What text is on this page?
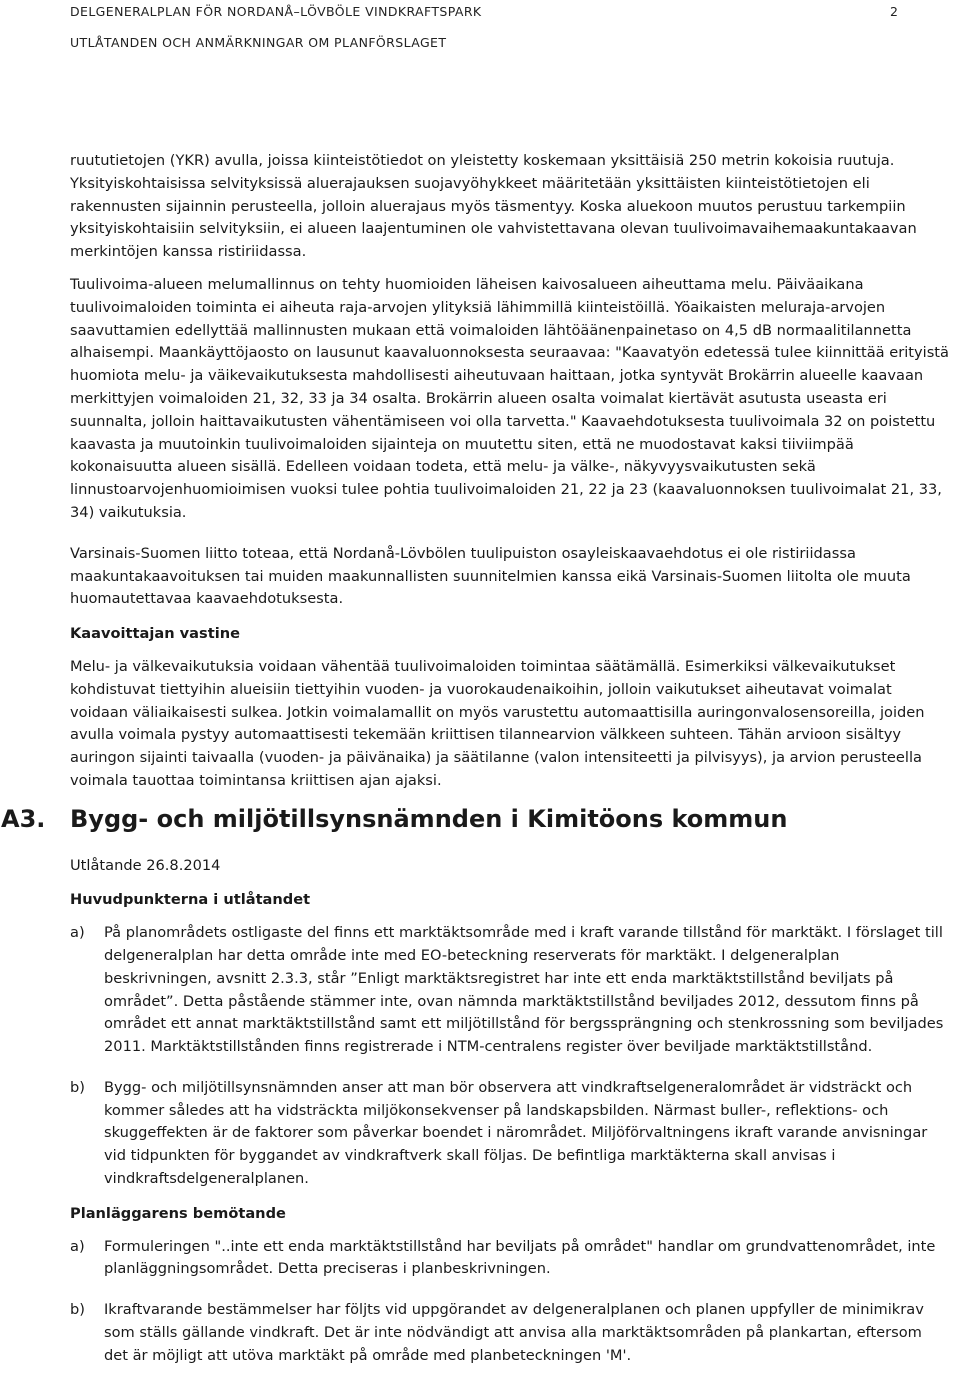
DELGENERALPLAN FÖR NORDANÅ–LÖVBÖLE VINDKRAFTSPARK
UTLÅTANDEN OCH ANMÄRKNINGAR OM PLANFÖRSLAGET
2

ruututietojen (YKR) avulla, joissa kiinteistötiedot on yleistetty koskemaan yksittäisiä 250 metrin kokoisia ruutuja. Yksityiskohtaisissa selvityksissä aluerajauksen suojavyöhykkeet määritetään yksittäisten kiinteistötietojen eli rakennusten sijainnin perusteella, jolloin aluerajaus myös täsmentyy. Koska aluekoon muutos perustuu tarkempiin yksityiskohtaisiin selvityksiin, ei alueen laajentuminen ole vahvistettavana olevan tuulivoimavaihemaakuntakaavan merkintöjen kanssa ristiriidassa.

Tuulivoima-alueen melumallinnus on tehty huomioiden läheisen kaivosalueen aiheuttama melu. Päiväaikana tuulivoimaloiden toiminta ei aiheuta raja-arvojen ylityksiä lähimmillä kiinteistöillä. Yöaikaisten meluraja-arvojen saavuttamien edellyttää mallinnusten mukaan että voimaloiden lähtöäänenpainetaso on 4,5 dB normaalitilannetta alhaisempi. Maankäyttöjaosto on lausunut kaavaluonnoksesta seuraavaa: "Kaavatyön edetessä tulee kiinnittää erityistä huomiota melu- ja väikevaikutuksesta mahdollisesti aiheutuvaan haittaan, jotka syntyvät Brokärrin alueelle kaavaan merkittyjen voimaloiden 21, 32, 33 ja 34 osalta. Brokärrin alueen osalta voimalat kiertävät asutusta useasta eri suunnalta, jolloin haittavaikutusten vähentämiseen voi olla tarvetta." Kaavaehdotuksesta tuulivoimala 32 on poistettu kaavasta ja muutoinkin tuulivoimaloiden sijainteja on muutettu siten, että ne muodostavat kaksi tiiviimpää kokonaisuutta alueen sisällä. Edelleen voidaan todeta, että melu- ja välke-, näkyvyysvaikutusten sekä linnustoarvojenhuomioimisen vuoksi tulee pohtia tuulivoimaloiden 21, 22 ja 23 (kaavaluonnoksen tuulivoimalat 21, 33, 34) vaikutuksia.

Varsinais-Suomen liitto toteaa, että Nordanå-Lövbölen tuulipuiston osayleiskaavaehdotus ei ole ristiriidassa maakuntakaavoituksen tai muiden maakunnallisten suunnitelmien kanssa eikä Varsinais-Suomen liitolta ole muuta huomautettavaa kaavaehdotuksesta.

Kaavoittajan vastine

Melu- ja välkevaikutuksia voidaan vähentää tuulivoimaloiden toimintaa säätämällä. Esimerkiksi välkevaikutukset kohdistuvat tiettyihin alueisiin tiettyihin vuoden- ja vuorokaudenaikoihin, jolloin vaikutukset aiheutavat voimalat voidaan väliaikaisesti sulkea. Jotkin voimalamallit on myös varustettu automaattisilla auringonvalosensoreilla, joiden avulla voimala pystyy automaattisesti tekemään kriittisen tilannearvion välkkeen suhteen. Tähän arvioon sisältyy auringon sijainti taivaalla (vuoden- ja päivänaika) ja säätilanne (valon intensiteetti ja pilvisyys), ja arvion perusteella voimala tauottaa toimintansa kriittisen ajan ajaksi.

A3. Bygg- och miljötillsynsnämnden i Kimitöons kommun

Utlåtande 26.8.2014

Huvudpunkterna i utlåtandet

a) På planområdets ostligaste del finns ett marktäktsområde med i kraft varande tillstånd för marktäkt. I förslaget till delgeneralplan har detta område inte med EO-beteckning reserverats för marktäkt. I delgeneralplan beskrivningen, avsnitt 2.3.3, står ”Enligt marktäktsregistret har inte ett enda marktäktstillstånd beviljats på området”. Detta påstående stämmer inte, ovan nämnda marktäktstillstånd beviljades 2012, dessutom finns på området ett annat marktäktstillstånd samt ett miljötillstånd för bergssprängning och stenkrossning som beviljades 2011. Marktäktstillstånden finns registrerade i NTM-centralens register över beviljade marktäktstillstånd.

b) Bygg- och miljötillsynsnämnden anser att man bör observera att vindkraftselgeneralområdet är vidsträckt och kommer således att ha vidsträckta miljökonsekvenser på landskapsbilden. Närmast buller-, reflektions- och skuggeffekten är de faktorer som påverkar boendet i närområdet. Miljöförvaltningens ikraft varande anvisningar vid tidpunkten för byggandet av vindkraftverk skall följas. De befintliga marktäkterna skall anvisas i vindkraftsdelgeneralplanen.

Planläggarens bemötande

a) Formuleringen "..inte ett enda marktäktstillstånd har beviljats på området" handlar om grundvattenområdet, inte planläggningsområdet. Detta preciseras i planbeskrivningen.

b) Ikraftvarande bestämmelser har följts vid uppgörandet av delgeneralplanen och planen uppfyller de minimikrav som ställs gällande vindkraft. Det är inte nödvändigt att anvisa alla marktäktsområden på plankartan, eftersom det är möjligt att utöva marktäkt på område med planbeteckningen 'M'.
